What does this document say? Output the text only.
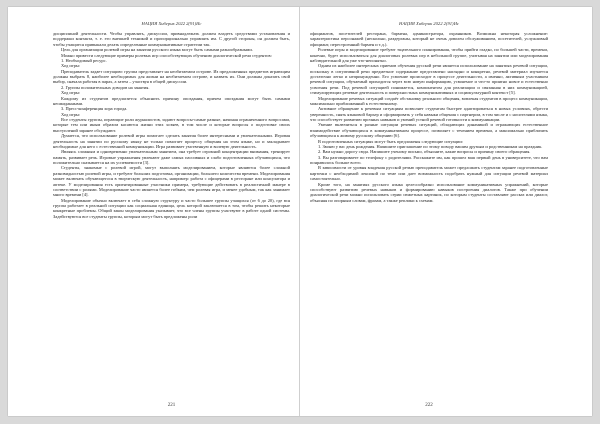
НАЦИЯ Хиберик 2022 2(91)Ис

дисциплиной деятельности. Чтобы управлять, дискуссии, привнадлежать должен владеть средствами установления и поддержки контакта, т. е. его внешней техникой и пропорционально управлять им. С другой стороны, он должен быть, чтобы учащиеся привыкали делать определенные коммуникативные стратегии так.

Цель для организации ролевой игры на занятии русского языка могут быть самыми разнообразными.

Можно привести следующие примеры ролевых игр способствующих обучению диалогической речи студентов:

1. Необходимый ресурс.

Ход игры:

Преподаватель задает ситуацию: группа представляет на необитаемом острове. Из предложенных предметов играющим должны выбрать 8, наиболее необходимых для жизни на необитаемом острове, и назвать их. Они должны доказать свой выбор, сначала работая в парах, а затем – участвуя в общей дискуссии.

2. Группы положительных доводов на занятия.

Ход игры:

Каждому из студентов предлагается объяснить причину опоздания, причем опоздания могут быть самыми неожиданными.

3. Пресс-конференция хора города.

Ход игры:

Все студенты группы, играющие роли журналистов, задают вопросы-самые разные, начиная ограниченного вопросами, которые тем или иным образом касаются жизни этих хозяев, в том числе и которые вопросы о подготовке своих выступлений заранее обсуждают.

Думается, что использование ролевой игры помогает сделать занятия более интересными и увлекательными. Игровая деятельность на занятии по русскому языку не только помогает процессу общения на этом языке, но и закладывает необходимые для него с естественной коммуникации. Игра развивает умственную и волевую деятельность.

Являясь сложным и одновременно увлекательным занятием, она требует огромной концентрации внимания, тренирует память, развивает речь. Игровые упражнения увлекают даже самых пассивных и слабо подготовленных обучающихся, что положительно сказывается на их успеваемости [3].

Студенты, знакомые с ролевой игрой, могут выполнять моделированием, которые являются более сложной разновидностью ролевой игры, и требуют больших подготовка, организации, большего количества времени. Моделирования может включать обучающегося в творческую деятельность, например: работа с офицерами в ресторане или консулатора и аптеке. У моделирования есть ориентированные участники примера, требующие действовать в реалистичной манере в соответствии с ролями. Моделирование часто является более гибким, чем ролевая игра, и менее удобным, так как занимает много времени [4].

Моделирование обычно включает в себя сложную структуру и часто большее группы учащихся (от 6 до 20), где вся группа работает в реальной ситуации как социальная единица, цель которой заключается в том, чтобы решить некоторые конкретные проблемы. Общий закон моделирования указывает, что все члены группы участвуют в работе одной системы. Задействуются все студенты группы, которым могут быть предложены роли

221
НАЦИЯ Хиберик 2022 2(91)Ис

официантов, посетителей ресторана, бармена, администратора, охранников. Возможна некоторая усложнение: характеристика персонажей (несколько, раздерганы, который не очень доволен обслуживанием, посетителей, услужливый официант, перестроенный бармен и т.д.).

Ролевые игры и моделирование требуют тщательного планирования, чтобы прийти гладко, по большей части, времени, конечно, будет использоваться для диалоговых ролевых игр в небольшой группе, учитывая на занятии или моделирования наблюдательной для уже что-непонятно.

Одним из наиболее интересных приемов обучения русской речи является использование на занятиях речевой ситуации, поскольку в ситуативной речи предметное содержание представлено наглядно и конкретно, речевой материал изучается достаточно легко и непринужденно. Его усвоение происходит в процессе деятельности, а именно, активным участником речевой ситуации, обучаемый приходится через всю новую информацию, усвояемое и что-то приятно новое и естественно усвоения речи. Под речевой ситуацией понимается, компонентом для реализации и связанная в них коммуникацией, стимулирующих речевые деятельность и поверхностных коммуникативных и социокультурной контекст [5].

Моделирование речевых ситуаций создаёт обстановку реального общения, вовлекая студентов в процесс коммуникации, максимально приближенный к естественному.

Активное обращение к речевым ситуациям позволяет студентам быстрее адаптироваться в новых условиях, обрести уверенность, снять языковой барьер и сформировать у себя навыки общения с партнером, в том числе и с носителями языка, что способствует развитию прочных навыков и умений устной речевой готовности к коммуникации.

Умение включиться в разные ситуации речевых ситуаций, обладающих динамикой и отражающих естественное взаимодействие обучающихся в коммуникативном процессе, позволяет с течением времени, а максимально приблизить обучающихся к живому русскому общению [6].

В подготовленных ситуациях могут быть предложены следующие ситуации:

1. Звоню у вас день рождения. Напишите приглашение по этому поводу вашим друзьям и родственникам на праздник.

2. Вам нужно дорогу сюда. Напишите ученому письмо, объясните, какие вопросы и причину своего обращения.

3. Вы разговариваете по телефону с родителями. Расскажите им, как прошел ваш первый день в университете, что вам понравилось больше всего.

В зависимости от уровня владения русской речью преподаватель может предложить студентам заранее подготовленные карточки с необходимой лексикой по теме или дает возможность подобрать нужный для ситуации речевой материал самостоятельно.

Кроме того, на занятиях русского языка целесообразно использование коммуникативных упражнений, которые способствуют развитию речевых навыков и формированию навыков построения диалогов. Также при обучении диалогической речи можно использовать серии сюжетных картинок, по которым студенты составляют рассказ или диалог, объясняя по опорным словам, фразам, а также реплики к схемам.

222
